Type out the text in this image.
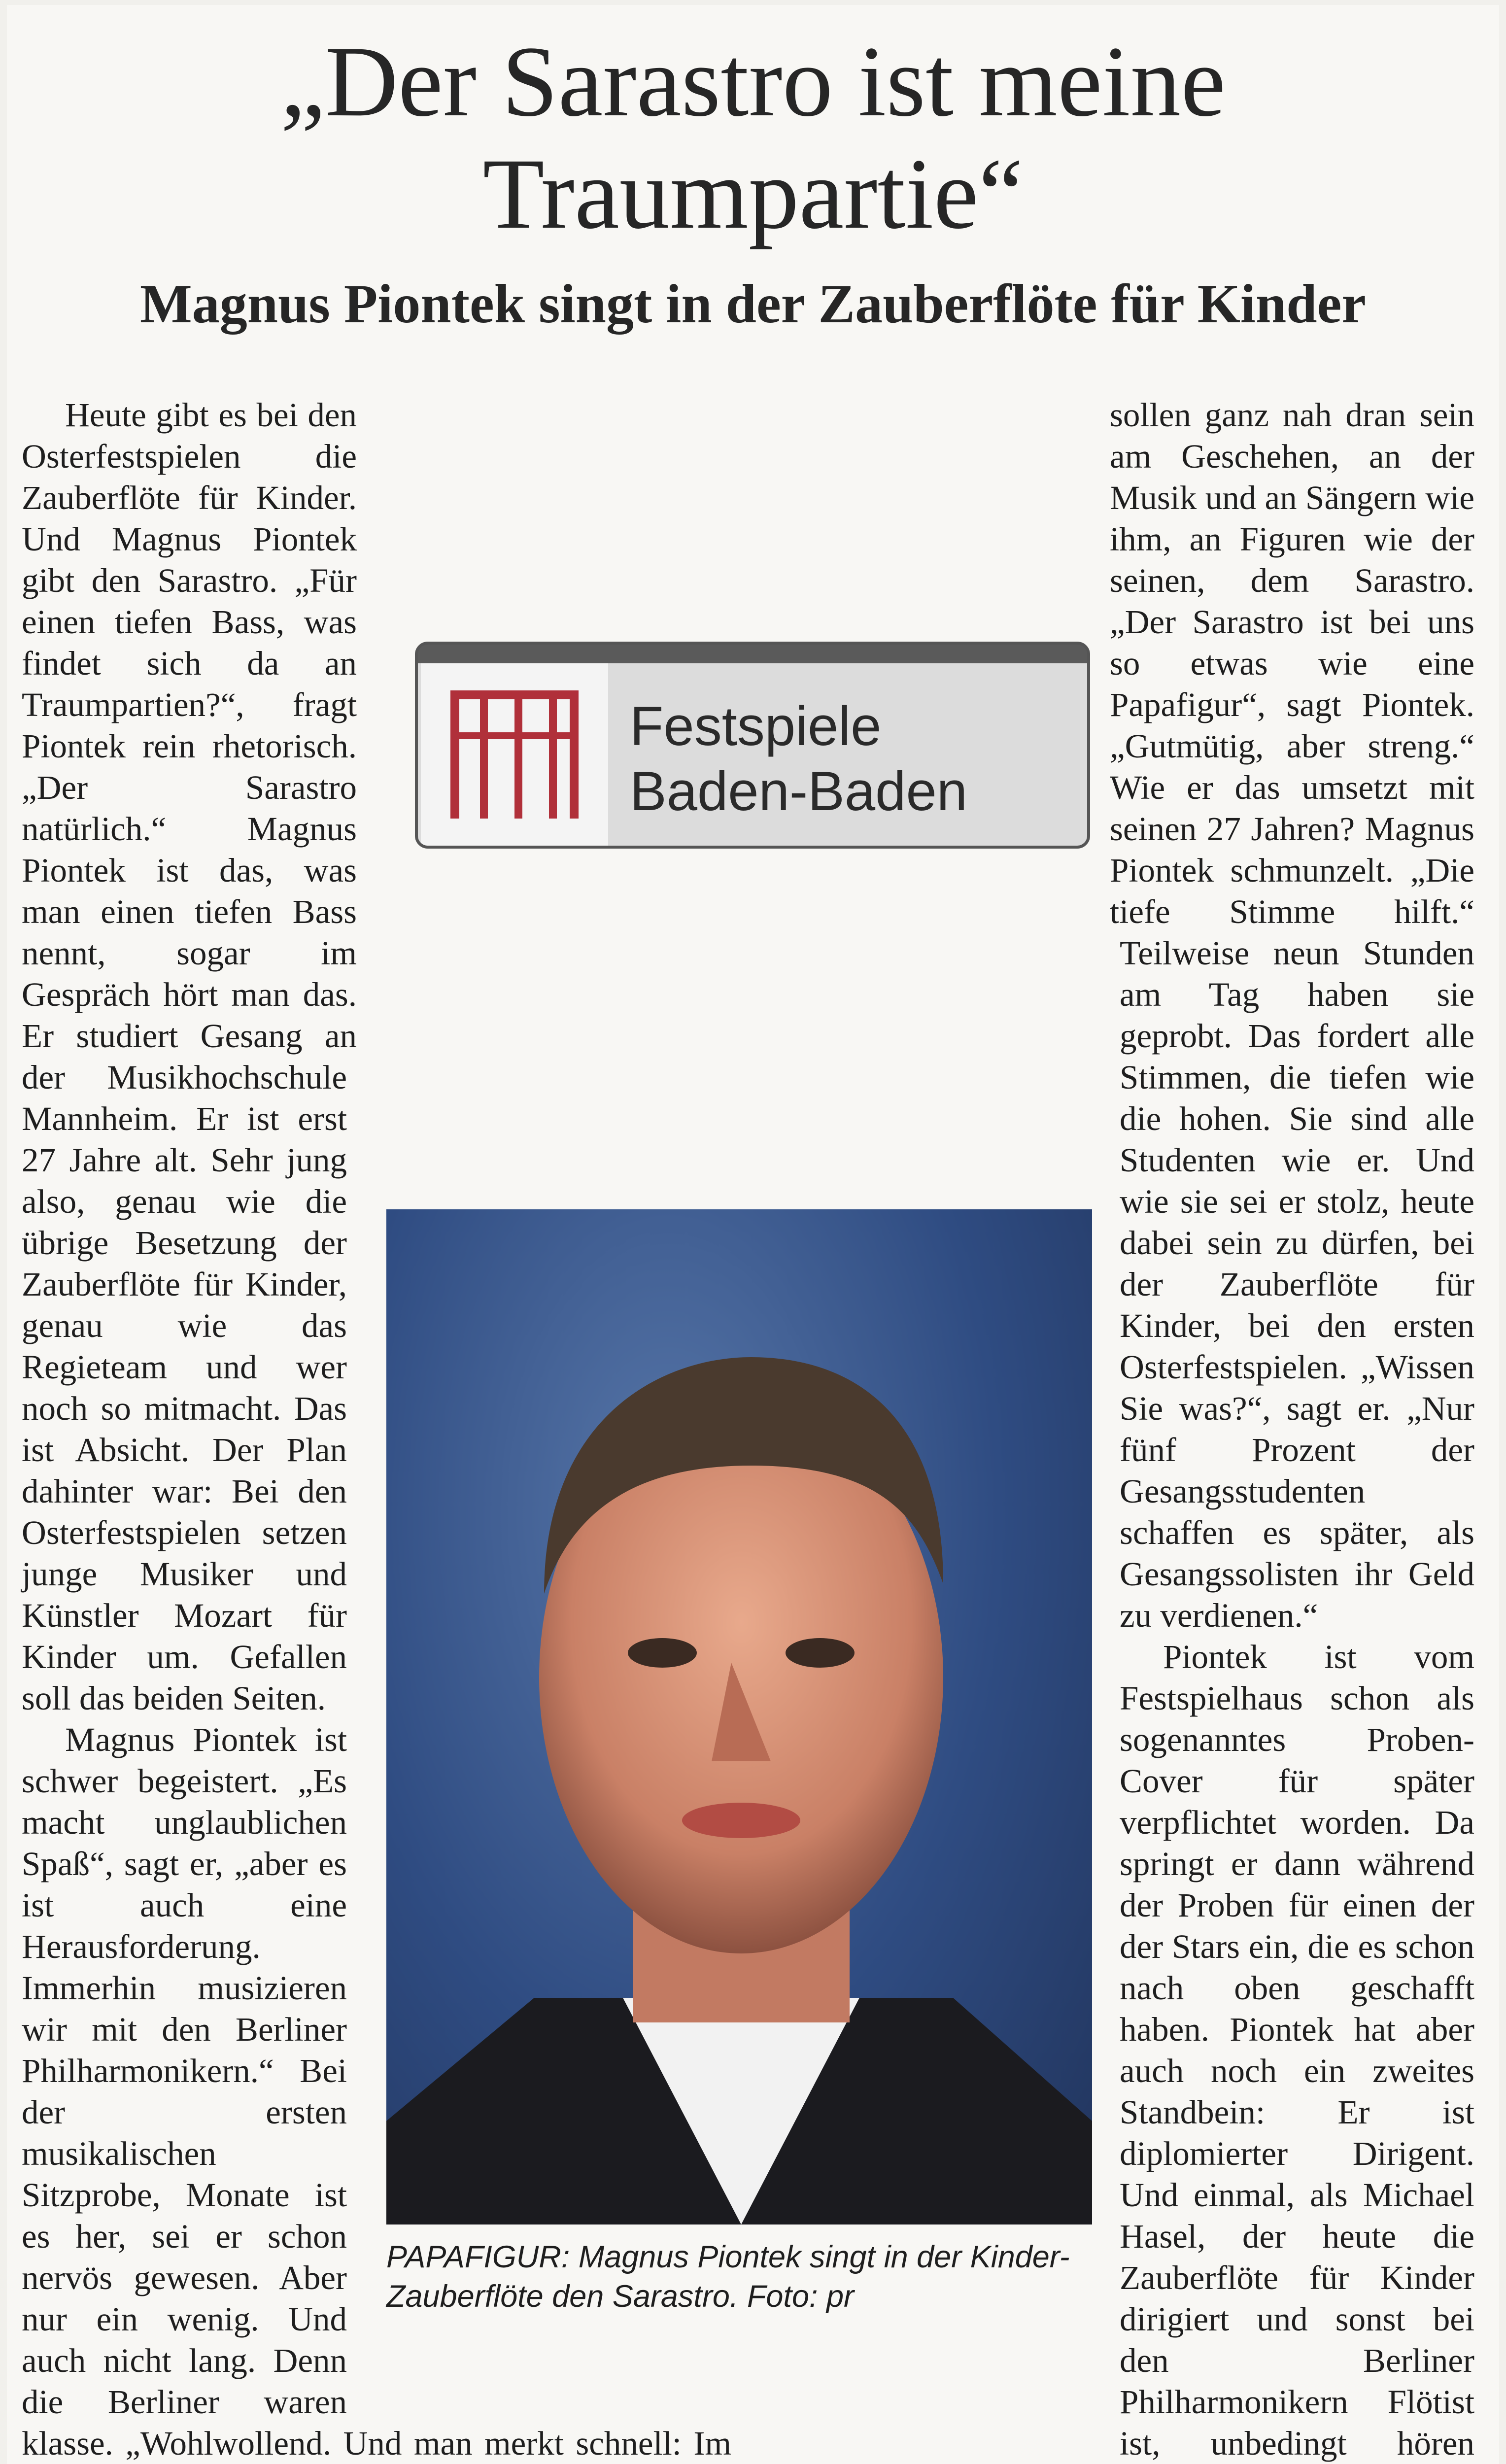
„Der Sarastro ist meine Traumpartie“
Magnus Piontek singt in der Zauberflöte für Kinder

Heute gibt es bei den Osterfestspielen die Zauberflöte für Kinder. Und Magnus Piontek gibt den Sarastro. „Für einen tiefen Bass, was findet sich da an Traumpartien?“, fragt Piontek rein rhetorisch. „Der Sarastro natürlich.“ Magnus Piontek ist das, was man einen tiefen Bass nennt, sogar im Gespräch hört man das. Er studiert Gesang an der Musikhochschule Mannheim. Er ist erst 27 Jahre alt. Sehr jung also, genau wie die übrige Besetzung der Zauberflöte für Kinder, genau wie das Regieteam und wer noch so mitmacht. Das ist Absicht. Der Plan dahinter war: Bei den Osterfestspielen setzen junge Musiker und Künstler Mozart für Kinder um. Gefallen soll das beiden Seiten.

Magnus Piontek ist schwer begeistert. „Es macht unglaublichen Spaß“, sagt er, „aber es ist auch eine Herausforderung. Immerhin musizieren wir mit den Berliner Philharmonikern.“ Bei der ersten musikalischen Sitzprobe, Monate ist es her, sei er schon nervös gewesen. Aber nur ein wenig. Und auch nicht lang. Denn die Berliner waren klasse. „Wohlwollend. Und man merkt schnell: Im

sollen ganz nah dran sein am Geschehen, an der Musik und an Sängern wie ihm, an Figuren wie der seinen, dem Sarastro. „Der Sarastro ist bei uns so etwas wie eine Papafigur“, sagt Piontek. „Gutmütig, aber streng.“ Wie er das umsetzt mit seinen 27 Jahren? Magnus Piontek schmunzelt. „Die tiefe Stimme hilft.“ Teilweise neun Stunden am Tag haben sie geprobt. Das fordert alle Stimmen, die tiefen wie die hohen. Sie sind alle Studenten wie er. Und wie sie sei er stolz, heute dabei sein zu dürfen, bei der Zauberflöte für Kinder, bei den ersten Osterfestspielen. „Wissen Sie was?“, sagt er. „Nur fünf Prozent der Gesangsstudenten schaffen es später, als Gesangssolisten ihr Geld zu verdienen.“

Piontek ist vom Festspielhaus schon als sogenanntes Proben-Cover für später verpflichtet worden. Da springt er dann während der Proben für einen der der Stars ein, die es schon nach oben geschafft haben. Piontek hat aber auch noch ein zweites Standbein: Er ist diplomierter Dirigent. Und einmal, als Michael Hasel, der heute die Zauberflöte für Kinder dirigiert und sonst bei den Berliner Philharmonikern Flötist ist, unbedingt hören

Festspiele
Baden-Baden
PAPAFIGUR: Magnus Piontek singt in der Kinder-Zauberflöte den Sarastro. Foto: pr
